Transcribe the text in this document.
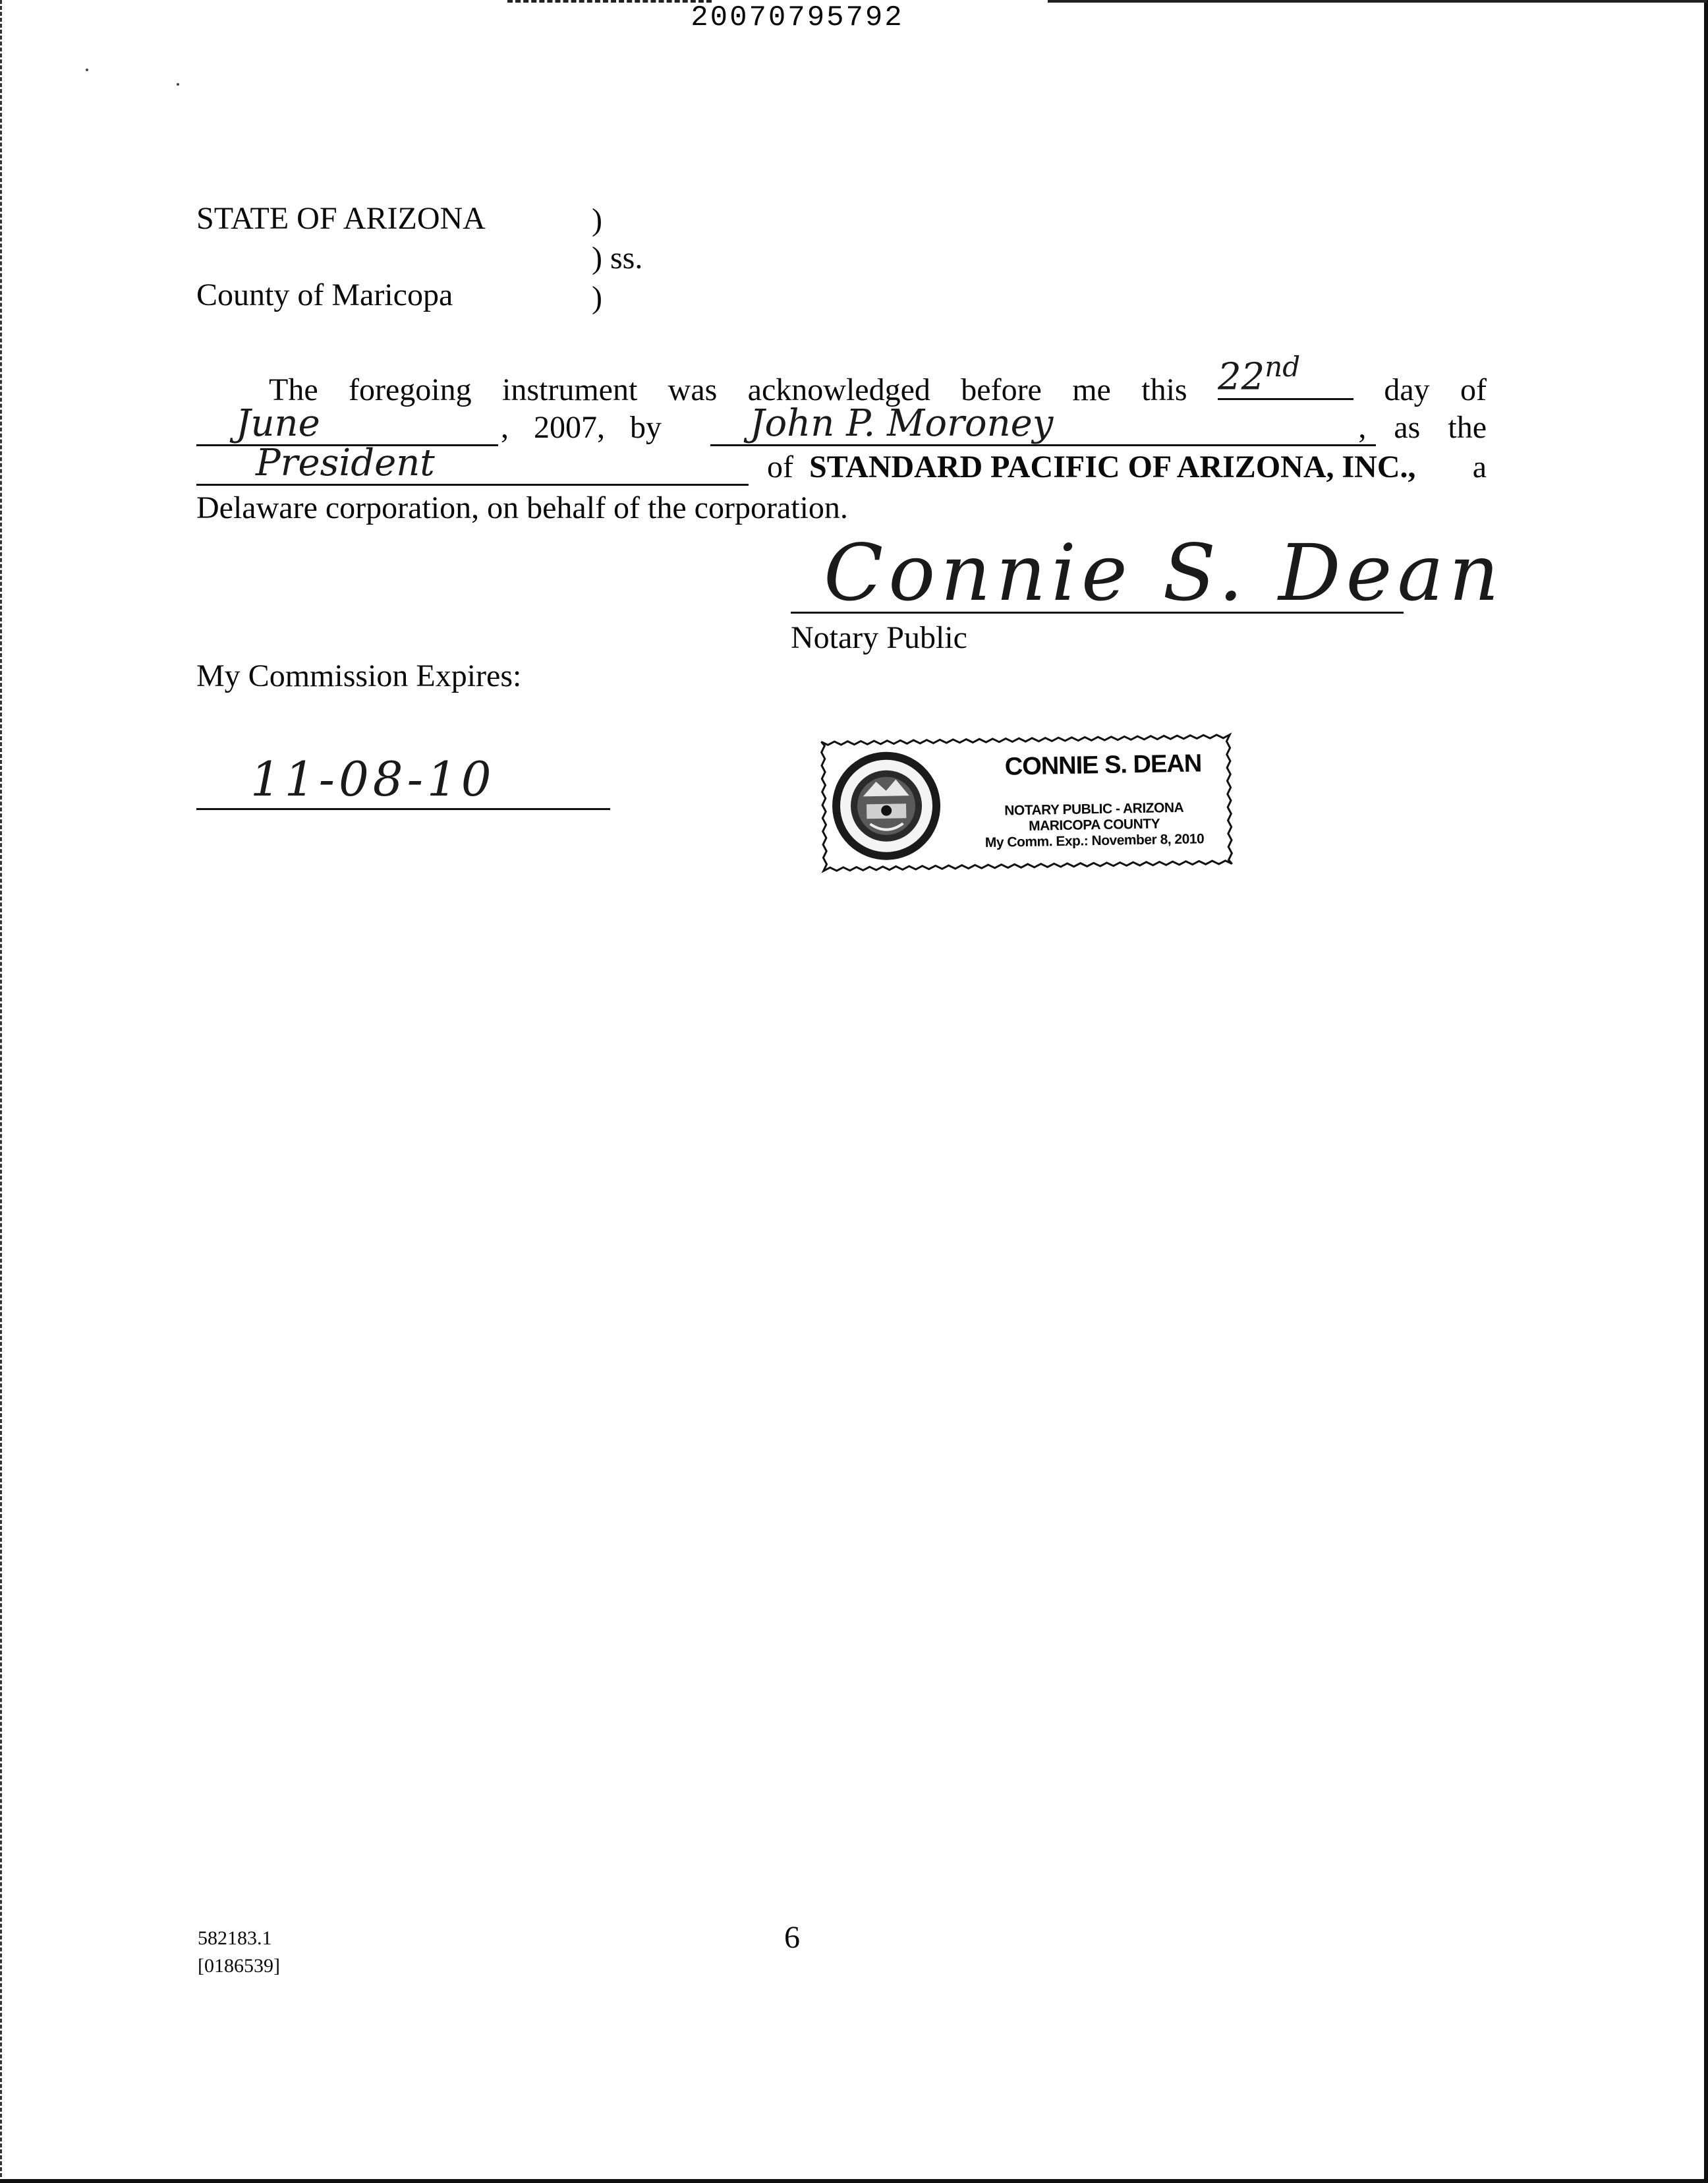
20070795792
STATE OF ARIZONA	)
) ss.
County of Maricopa	)
The foregoing instrument was acknowledged before me this 22nd
day of
June	, 2007, by	John P. Moroney	, as the
President	of STANDARD PACIFIC OF ARIZONA, INC., a
Delaware corporation, on behalf of the corporation.
Connie S. Dean
Notary Public
My Commission Expires:
11-08-10	CONNIE S. DEAN
NOTARY PUBLIC - ARIZONA
MARICOPA COUNTY
My Comm. Exp.: November 8, 2010
582183.1
[0186539]
6
